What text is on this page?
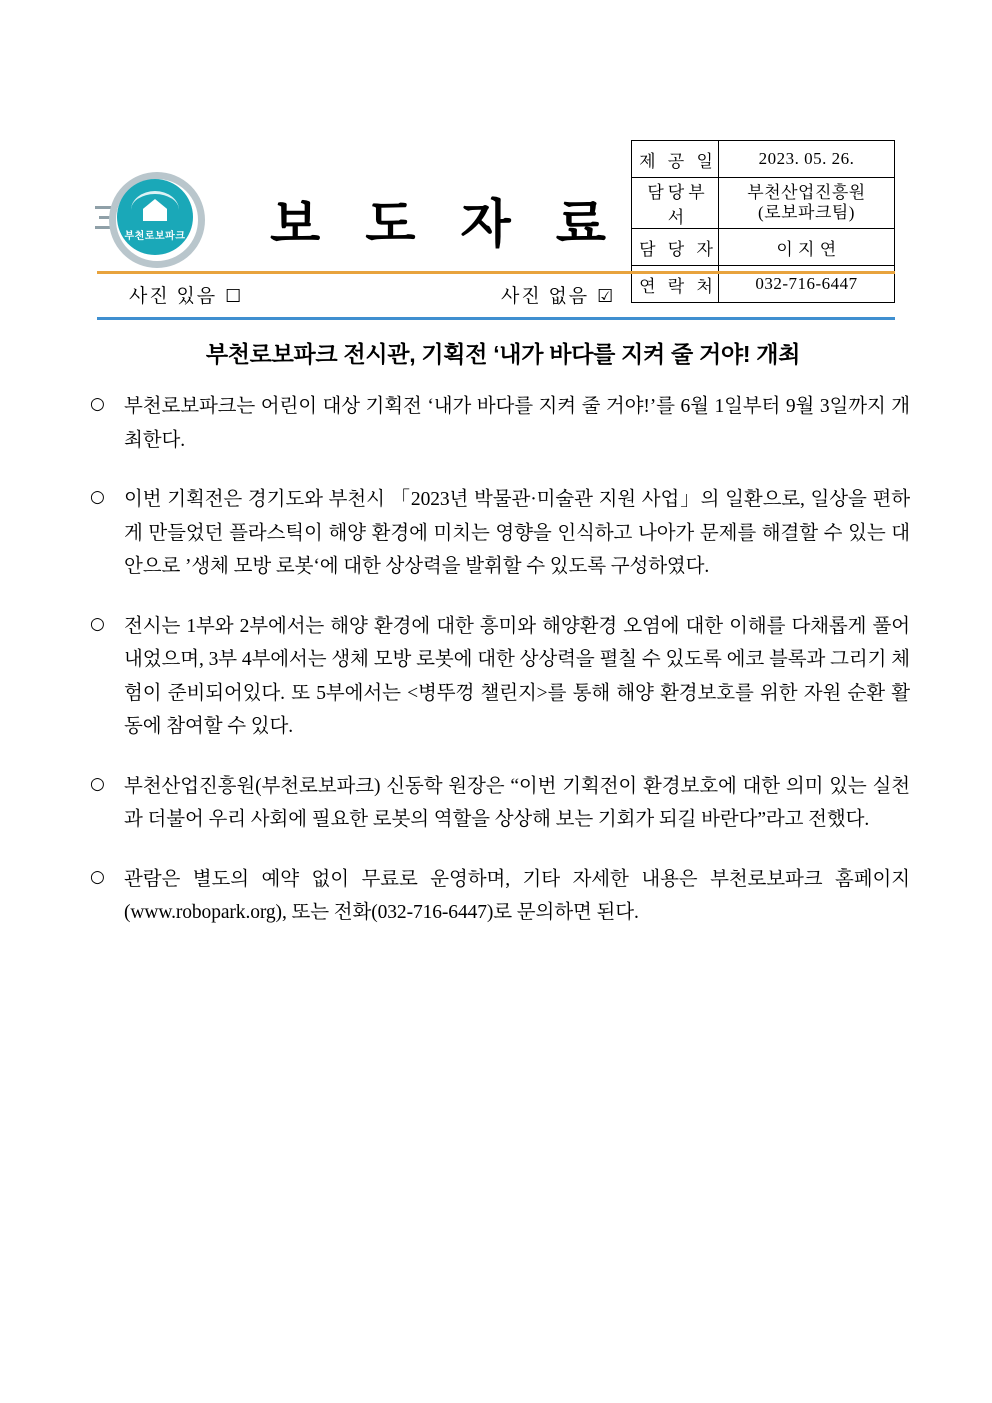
부천로보파크 보 도 자 료
제 공 일	2023. 05. 26.
담당부서	부천산업진흥원
(로보파크팀)

담 당 자	이 지 연
연 락 처	032-716-6447
사진 있음 ☐	사진 없음 ☑
부천로보파크 전시관, 기획전 ‘내가 바다를 지켜 줄 거야! 개최
○ 부천로보파크는 어린이 대상 기획전 ‘내가 바다를 지켜 줄 거야!’를 6월 1일부터 9월 3일까지 개최한다.
○ 이번 기획전은 경기도와 부천시 「2023년 박물관·미술관 지원 사업」의 일환으로, 일상을 편하게 만들었던 플라스틱이 해양 환경에 미치는 영향을 인식하고 나아가 문제를 해결할 수 있는 대안으로 ’생체 모방 로봇‘에 대한 상상력을 발휘할 수 있도록 구성하였다.
○ 전시는 1부와 2부에서는 해양 환경에 대한 흥미와 해양환경 오염에 대한 이해를 다채롭게 풀어내었으며, 3부 4부에서는 생체 모방 로봇에 대한 상상력을 펼칠 수 있도록 에코 블록과 그리기 체험이 준비되어있다. 또 5부에서는 <병뚜껑 챌린지>를 통해 해양 환경보호를 위한 자원 순환 활동에 참여할 수 있다.
○ 부천산업진흥원(부천로보파크) 신동학 원장은 “이번 기획전이 환경보호에 대한 의미 있는 실천과 더불어 우리 사회에 필요한 로봇의 역할을 상상해 보는 기회가 되길 바란다”라고 전했다.
○ 관람은 별도의 예약 없이 무료로 운영하며, 기타 자세한 내용은 부천로보파크 홈페이지(www.robopark.org), 또는 전화(032-716-6447)로 문의하면 된다.
